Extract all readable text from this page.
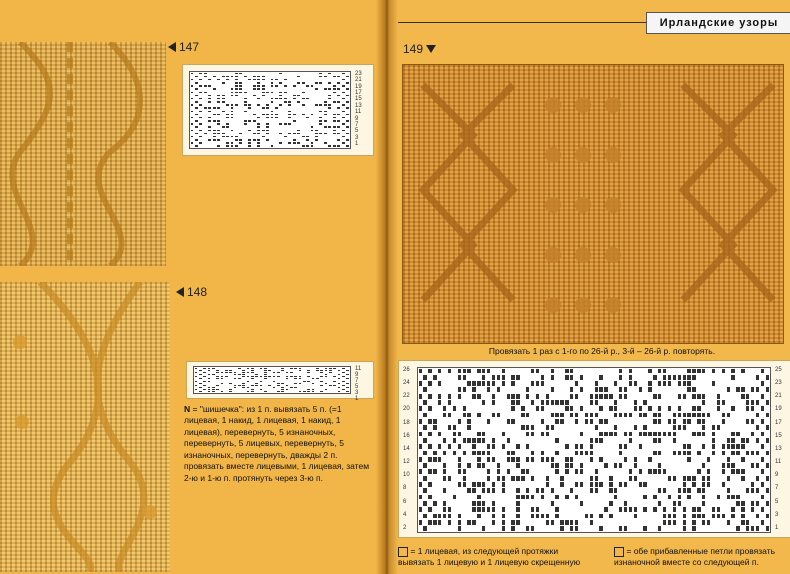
147
23
21
19
17
15
13
11
9
7
5
3
1
148
11
9
7
5
3
1
N = "шишечка": из 1 п. вывязать 5 п. (=1 лицевая, 1 накид, 1 лицевая, 1 накид, 1 лицевая), перевернуть, 5 изнаночных, перевернуть, 5 лицевых, перевернуть, 5 изнаночных, перевернуть, дважды 2 п. провязать вместе лицевыми, 1 лицевая, затем 2-ю и 1-ю п. протянуть через 3-ю п.
Ирландские узоры
149
Провязать 1 раз с 1-го по 26-й р., 3-й – 26-й р. повторять.
26
24
22
20
18
16
14
12
10
8
6
4
2
25
23
21
19
17
15
13
11
9
7
5
3
1
= 1 лицевая, из следующей протяжки вывязать 1 лицевую и 1 лицевую скрещенную
= обе прибавленные петли провязать изнаночной вместе со следующей п.
